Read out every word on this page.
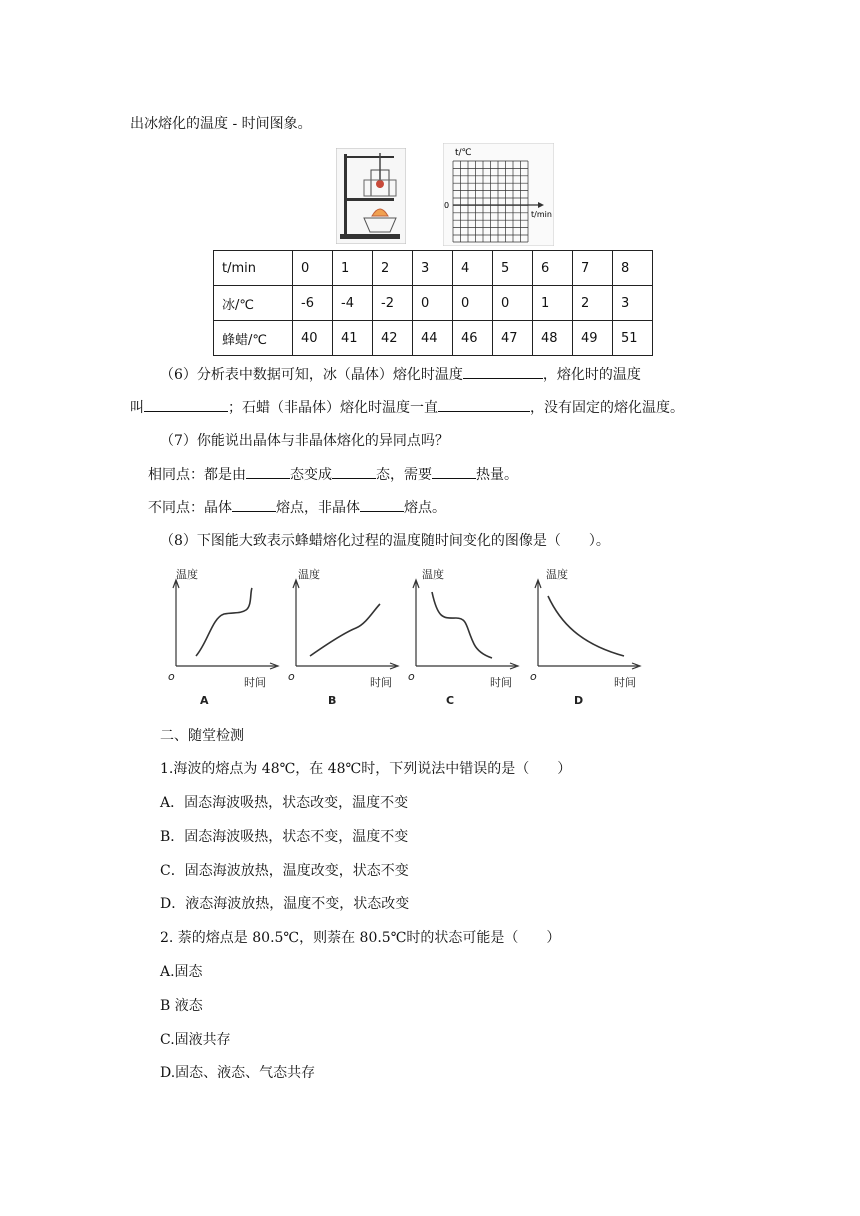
出冰熔化的温度 - 时间图象。
t/℃
0
t/min
t/min	0	1	2	3	4	5	6	7	8
冰/℃	-6	-4	-2	0	0	0	1	2	3
蜂蜡/℃	40	41	42	44	46	47	48	49	51
（6）分析表中数据可知，冰（晶体）熔化时温度	，熔化时的温度
叫	；石蜡（非晶体）熔化时温度一直	，没有固定的熔化温度。
（7）你能说出晶体与非晶体熔化的异同点吗？
相同点：都是由	态变成	态，需要	热量。
不同点：晶体	熔点，非晶体	熔点。
（8）下图能大致表示蜂蜡熔化过程的温度随时间变化的图像是（　　）。
温度
时间
o
A
温度
时间
o
B
温度
时间
o
C
温度
时间
o
D
二、随堂检测
1.海波的熔点为 48℃，在 48℃时，下列说法中错误的是（　　）
A．固态海波吸热，状态改变，温度不变
B．固态海波吸热，状态不变，温度不变
C．固态海波放热，温度改变，状态不变
D．液态海波放热，温度不变，状态改变
2. 萘的熔点是 80.5℃，则萘在 80.5℃时的状态可能是（　　）
A.固态
B 液态
C.固液共存
D.固态、液态、气态共存
